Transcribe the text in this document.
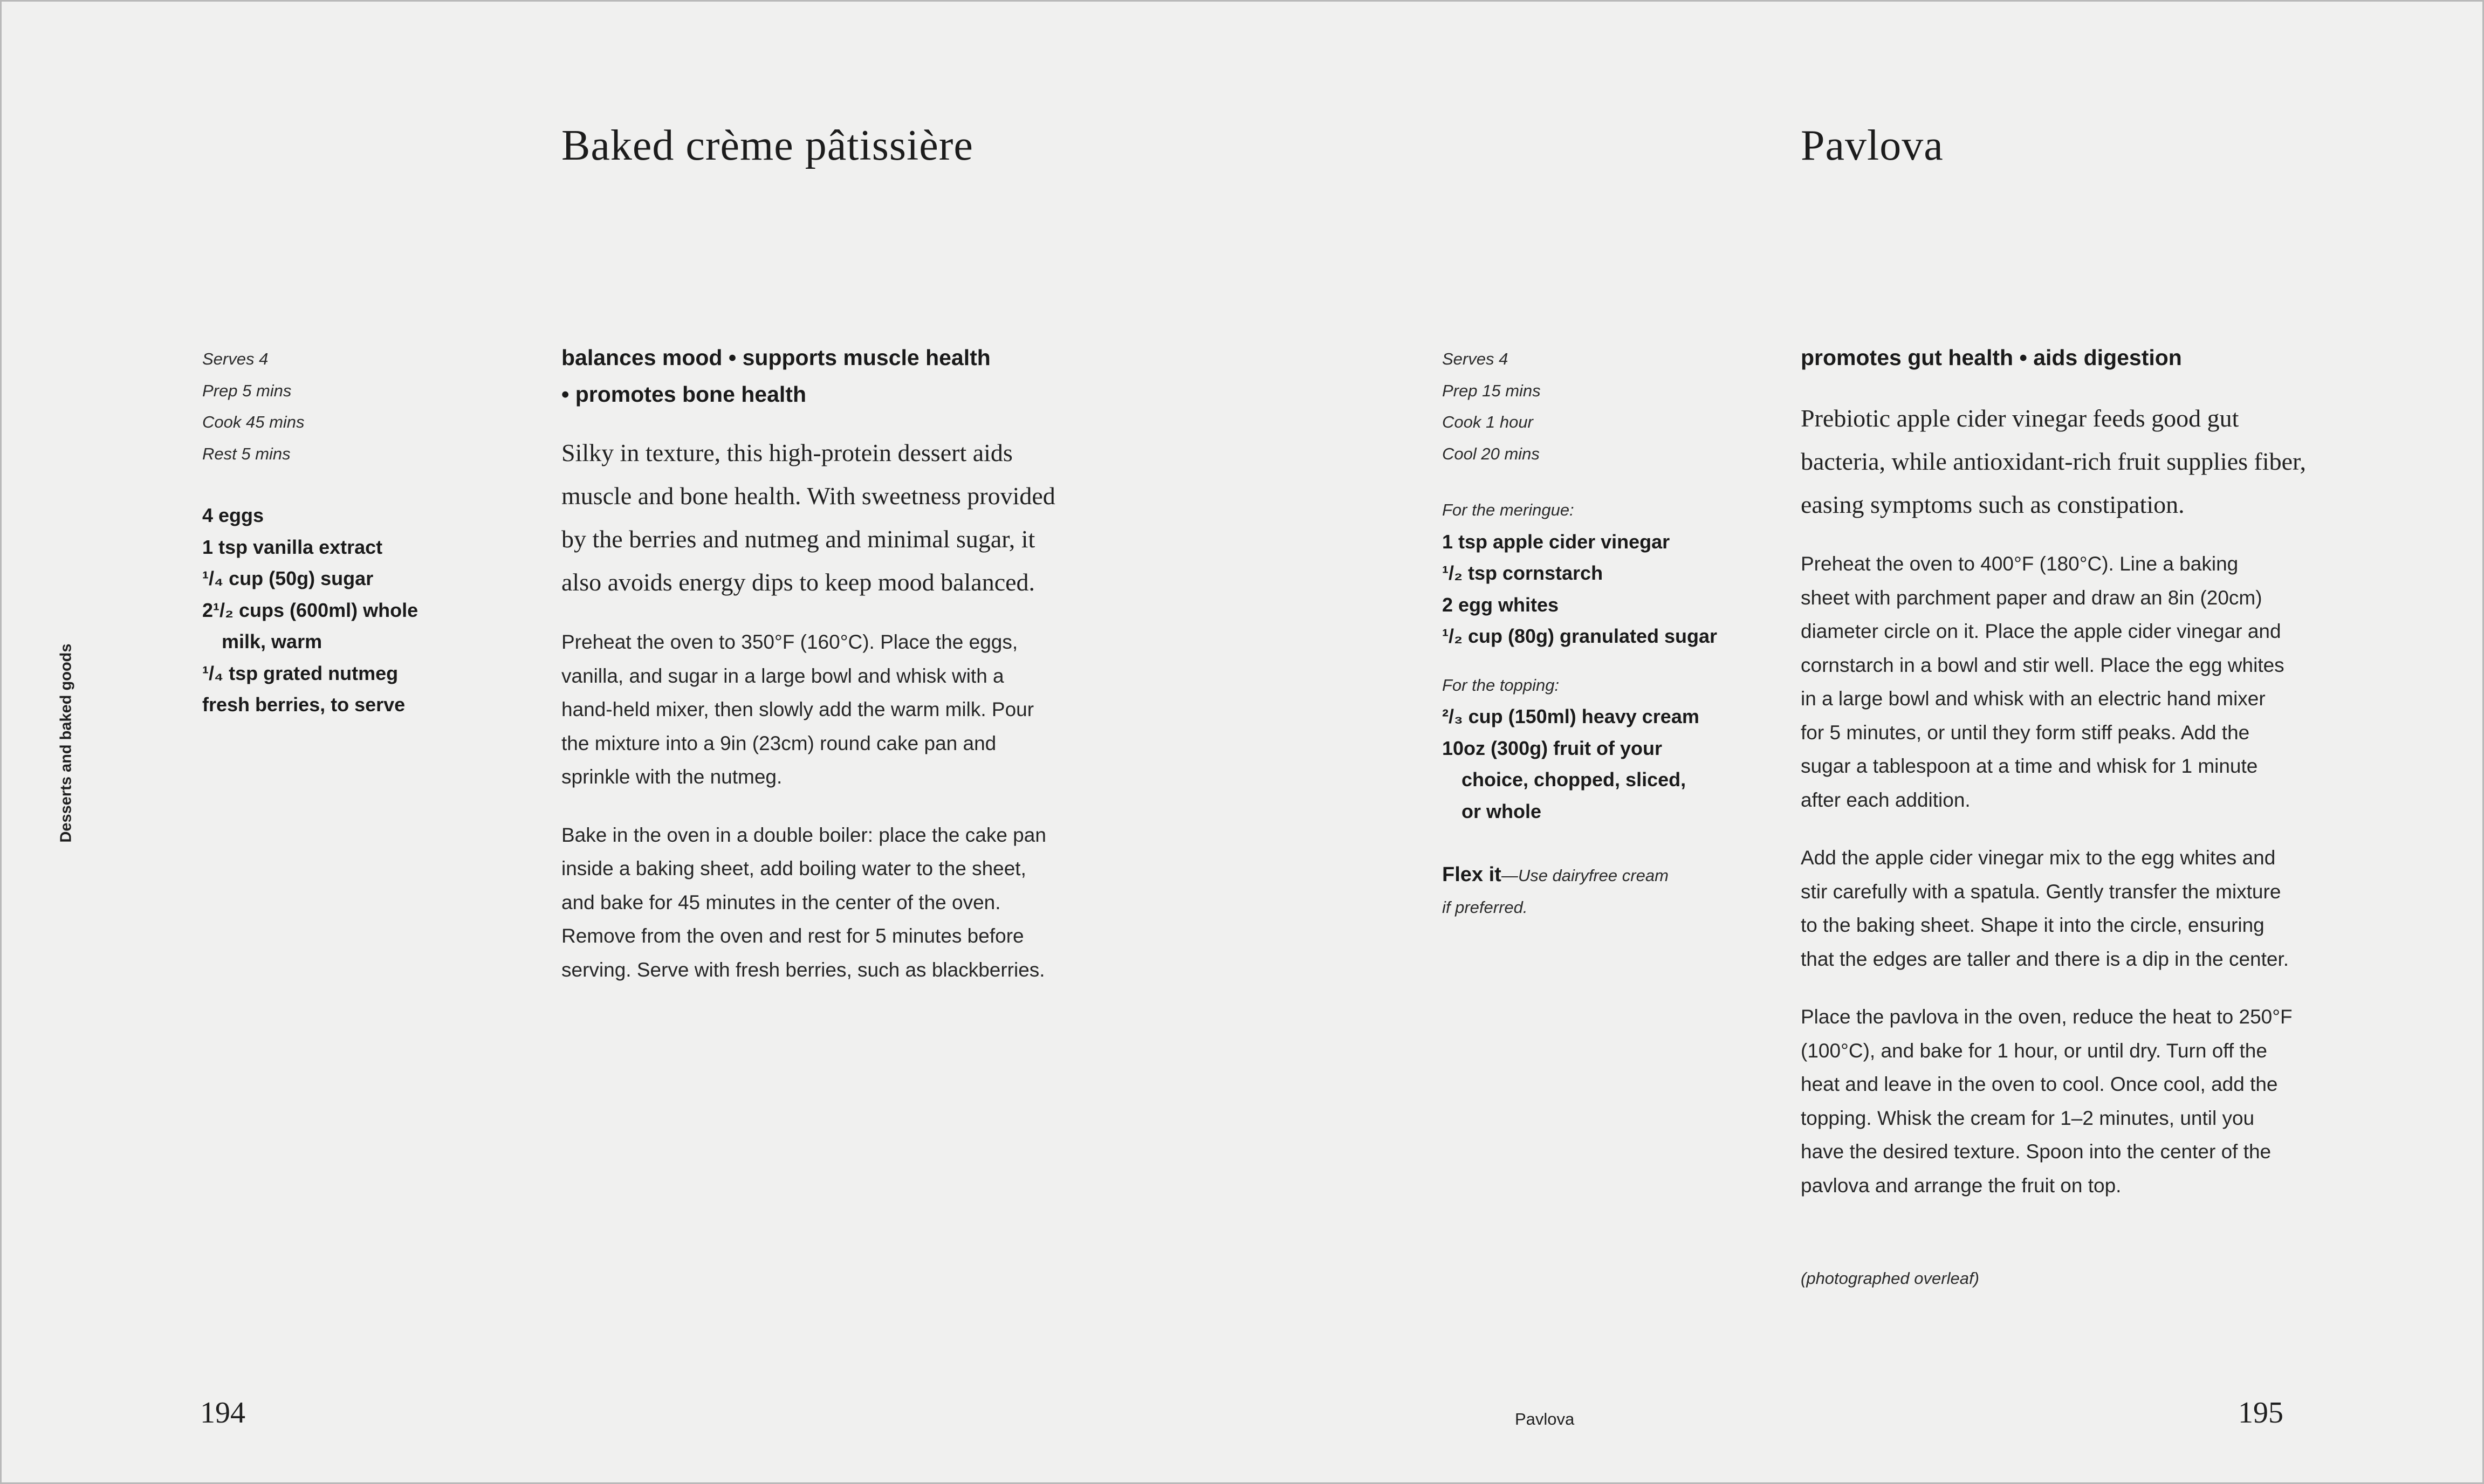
Desserts and baked goods
Baked crème pâtissière
Serves 4
Prep 5 mins
Cook 45 mins
Rest 5 mins
4 eggs
1 tsp vanilla extract
¹/₄ cup (50g) sugar
2¹/₂ cups (600ml) whole
milk, warm
¹/₄ tsp grated nutmeg
fresh berries, to serve
balances mood • supports muscle health
• promotes bone health
Silky in texture, this high-protein dessert aids
muscle and bone health. With sweetness provided
by the berries and nutmeg and minimal sugar, it
also avoids energy dips to keep mood balanced.
Preheat the oven to 350°F (160°C). Place the eggs,
vanilla, and sugar in a large bowl and whisk with a
hand-held mixer, then slowly add the warm milk. Pour
the mixture into a 9in (23cm) round cake pan and
sprinkle with the nutmeg.
Bake in the oven in a double boiler: place the cake pan
inside a baking sheet, add boiling water to the sheet,
and bake for 45 minutes in the center of the oven.
Remove from the oven and rest for 5 minutes before
serving. Serve with fresh berries, such as blackberries.
194
Pavlova
Serves 4
Prep 15 mins
Cook 1 hour
Cool 20 mins
For the meringue:
1 tsp apple cider vinegar
¹/₂ tsp cornstarch
2 egg whites
¹/₂ cup (80g) granulated sugar
For the topping:
²/₃ cup (150ml) heavy cream
10oz (300g) fruit of your
choice, chopped, sliced,
or whole
Flex it—Use dairyfree cream
if preferred.
promotes gut health • aids digestion
Prebiotic apple cider vinegar feeds good gut
bacteria, while antioxidant-rich fruit supplies fiber,
easing symptoms such as constipation.
Preheat the oven to 400°F (180°C). Line a baking
sheet with parchment paper and draw an 8in (20cm)
diameter circle on it. Place the apple cider vinegar and
cornstarch in a bowl and stir well. Place the egg whites
in a large bowl and whisk with an electric hand mixer
for 5 minutes, or until they form stiff peaks. Add the
sugar a tablespoon at a time and whisk for 1 minute
after each addition.
Add the apple cider vinegar mix to the egg whites and
stir carefully with a spatula. Gently transfer the mixture
to the baking sheet. Shape it into the circle, ensuring
that the edges are taller and there is a dip in the center.
Place the pavlova in the oven, reduce the heat to 250°F
(100°C), and bake for 1 hour, or until dry. Turn off the
heat and leave in the oven to cool. Once cool, add the
topping. Whisk the cream for 1–2 minutes, until you
have the desired texture. Spoon into the center of the
pavlova and arrange the fruit on top.
(photographed overleaf)
Pavlova	195
